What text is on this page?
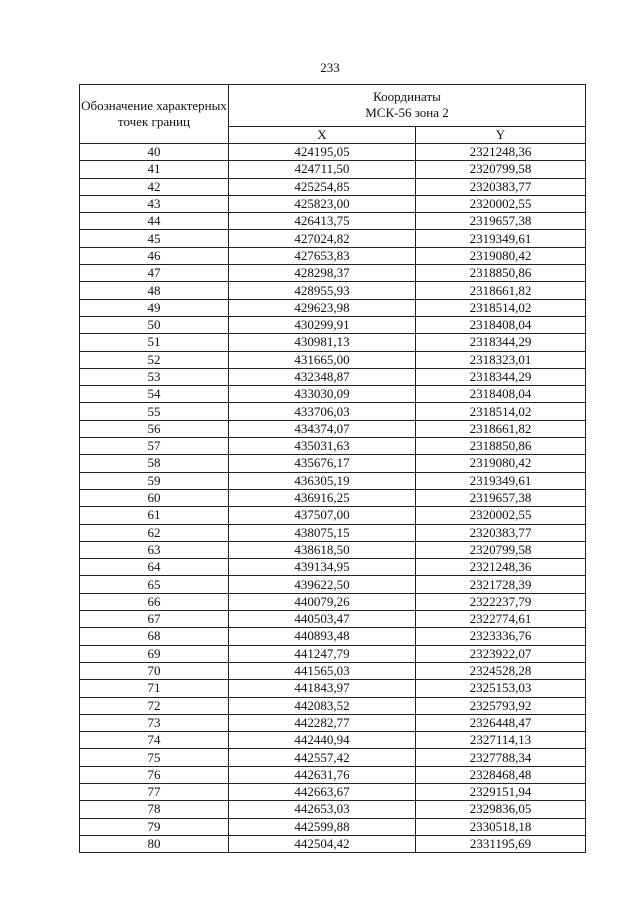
233
Обозначение характерных точек границ	Координаты
МСК-56 зона 2	
	X	Y
40	424195,05	2321248,36
41	424711,50	2320799,58
42	425254,85	2320383,77
43	425823,00	2320002,55
44	426413,75	2319657,38
45	427024,82	2319349,61
46	427653,83	2319080,42
47	428298,37	2318850,86
48	428955,93	2318661,82
49	429623,98	2318514,02
50	430299,91	2318408,04
51	430981,13	2318344,29
52	431665,00	2318323,01
53	432348,87	2318344,29
54	433030,09	2318408,04
55	433706,03	2318514,02
56	434374,07	2318661,82
57	435031,63	2318850,86
58	435676,17	2319080,42
59	436305,19	2319349,61
60	436916,25	2319657,38
61	437507,00	2320002,55
62	438075,15	2320383,77
63	438618,50	2320799,58
64	439134,95	2321248,36
65	439622,50	2321728,39
66	440079,26	2322237,79
67	440503,47	2322774,61
68	440893,48	2323336,76
69	441247,79	2323922,07
70	441565,03	2324528,28
71	441843,97	2325153,03
72	442083,52	2325793,92
73	442282,77	2326448,47
74	442440,94	2327114,13
75	442557,42	2327788,34
76	442631,76	2328468,48
77	442663,67	2329151,94
78	442653,03	2329836,05
79	442599,88	2330518,18
80	442504,42	2331195,69
